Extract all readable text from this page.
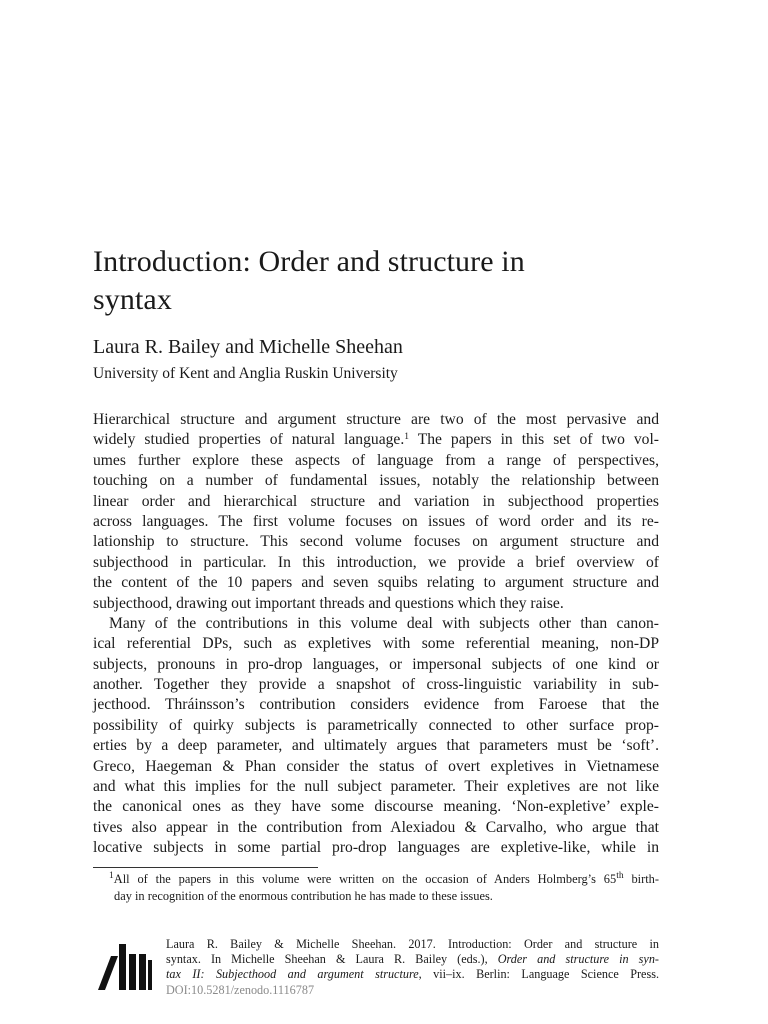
Introduction: Order and structure in
syntax

Laura R. Bailey and Michelle Sheehan

University of Kent and Anglia Ruskin University

Hierarchical structure and argument structure are two of the most pervasive and
widely studied properties of natural language.$^1$ The papers in this set of two vol-
umes further explore these aspects of language from a range of perspectives,
touching on a number of fundamental issues, notably the relationship between
linear order and hierarchical structure and variation in subjecthood properties
across languages. The first volume focuses on issues of word order and its re-
lationship to structure. This second volume focuses on argument structure and
subjecthood in particular. In this introduction, we provide a brief overview of
the content of the 10 papers and seven squibs relating to argument structure and
subjecthood, drawing out important threads and questions which they raise.
Many of the contributions in this volume deal with subjects other than canon-
ical referential DPs, such as expletives with some referential meaning, non-DP
subjects, pronouns in pro-drop languages, or impersonal subjects of one kind or
another. Together they provide a snapshot of cross-linguistic variability in sub-
jecthood. Thráinsson’s contribution considers evidence from Faroese that the
possibility of quirky subjects is parametrically connected to other surface prop-
erties by a deep parameter, and ultimately argues that parameters must be ‘soft’.
Greco, Haegeman & Phan consider the status of overt expletives in Vietnamese
and what this implies for the null subject parameter. Their expletives are not like
the canonical ones as they have some discourse meaning. ‘Non-expletive’ exple-
tives also appear in the contribution from Alexiadou & Carvalho, who argue that
locative subjects in some partial pro-drop languages are expletive-like, while in
$^1$All of the papers in this volume were written on the occasion of Anders Holmberg’s 65th birth-
day in recognition of the enormous contribution he has made to these issues.
Laura R. Bailey & Michelle Sheehan. 2017. Introduction: Order and structure in
syntax. In Michelle Sheehan & Laura R. Bailey (eds.), Order and structure in syn-
tax II: Subjecthood and argument structure, vii–ix. Berlin: Language Science Press.
DOI:10.5281/zenodo.1116787
